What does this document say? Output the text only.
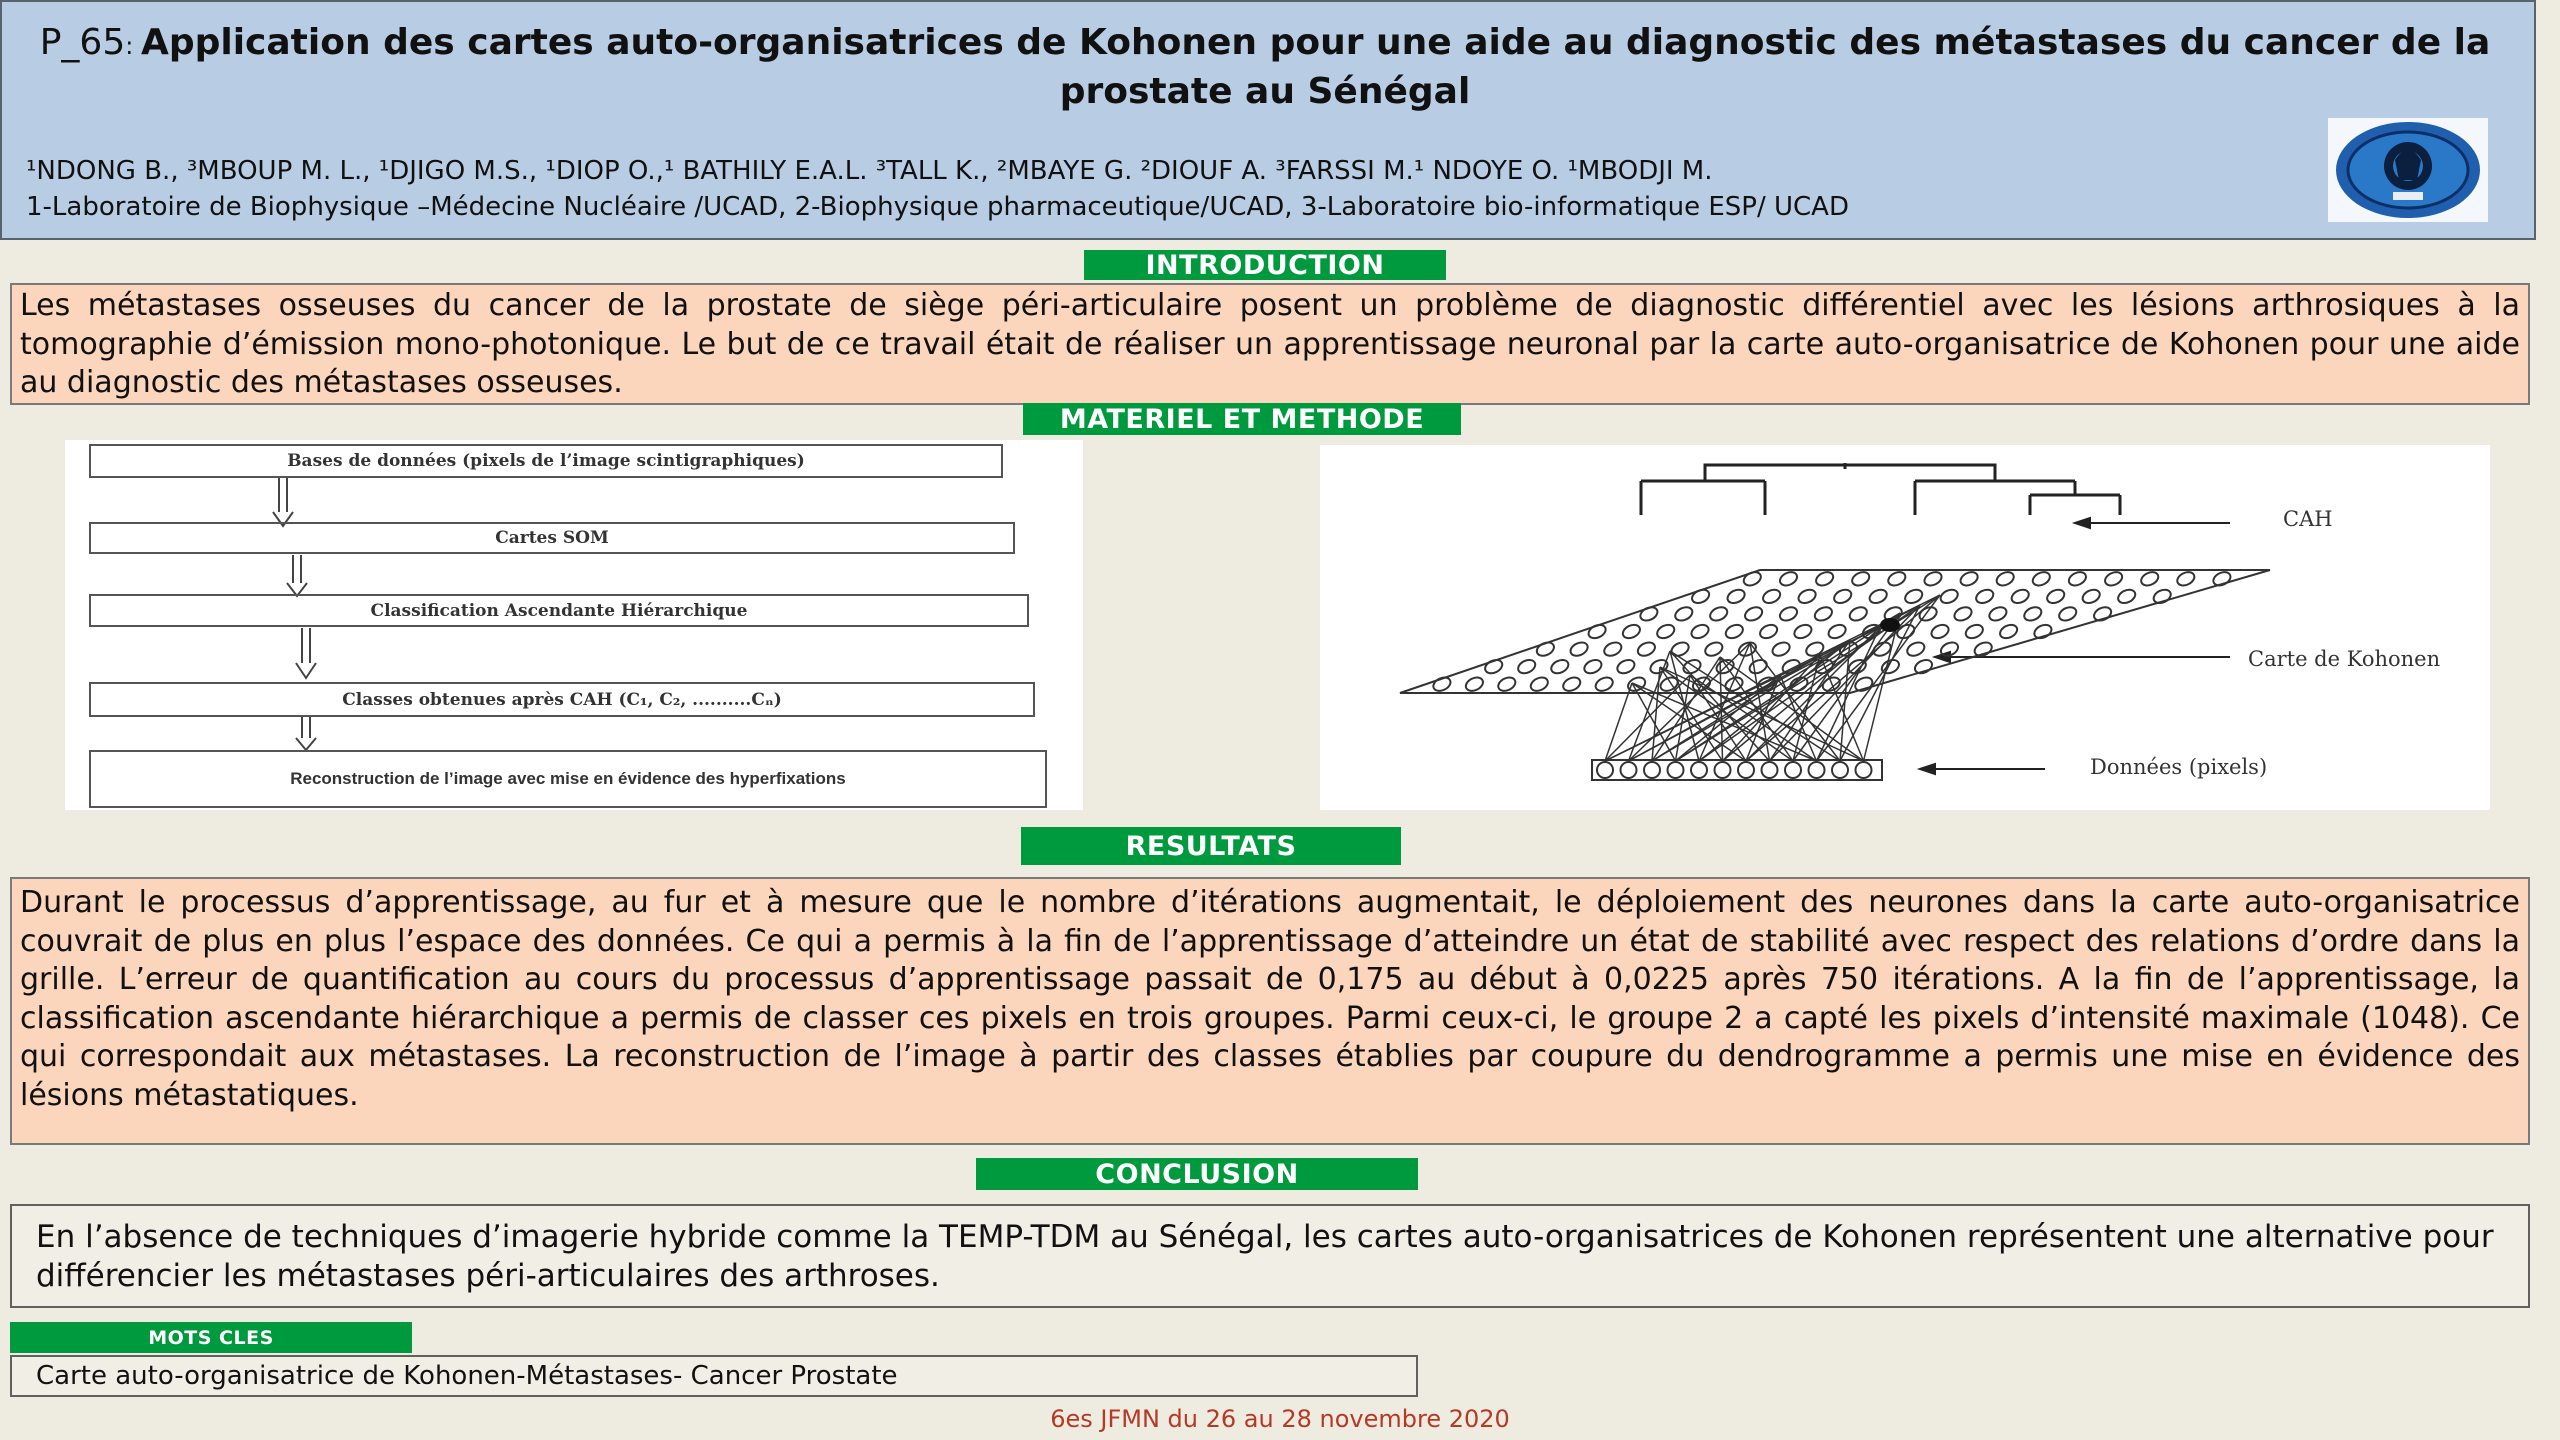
P_65: Application des cartes auto-organisatrices de Kohonen pour une aide au diagnostic des métastases du cancer de la prostate au Sénégal
¹NDONG B., ³MBOUP M. L., ¹DJIGO M.S., ¹DIOP O.,¹ BATHILY E.A.L. ³TALL K., ²MBAYE G. ²DIOUF A. ³FARSSI M.¹ NDOYE O. ¹MBODJI M.
1-Laboratoire de Biophysique –Médecine Nucléaire /UCAD, 2-Biophysique pharmaceutique/UCAD, 3-Laboratoire bio-informatique ESP/ UCAD
INTRODUCTION
Les métastases osseuses du cancer de la prostate de siège péri-articulaire posent un problème de diagnostic différentiel avec les lésions arthrosiques à la tomographie d’émission mono-photonique. Le but de ce travail était de réaliser un apprentissage neuronal par la carte auto-organisatrice de Kohonen pour une aide au diagnostic des métastases osseuses.
MATERIEL ET METHODE
Bases de données (pixels de l’image scintigraphiques)
Cartes SOM
Classification Ascendante Hiérarchique
Classes obtenues après CAH (C₁, C₂, ..........Cₙ)
Reconstruction de l’image avec mise en évidence des hyperfixations
CAH
Carte de Kohonen
Données (pixels)
RESULTATS
Durant le processus d’apprentissage, au fur et à mesure que le nombre d’itérations augmentait, le déploiement des neurones dans la carte auto-organisatrice couvrait de plus en plus l’espace des données. Ce qui a permis à la fin de l’apprentissage d’atteindre un état de stabilité avec respect des relations d’ordre dans la grille. L’erreur de quantification au cours du processus d’apprentissage passait de 0,175 au début à 0,0225 après 750 itérations. A la fin de l’apprentissage, la classification ascendante hiérarchique a permis de classer ces pixels en trois groupes. Parmi ceux-ci, le groupe 2 a capté les pixels d’intensité maximale (1048). Ce qui correspondait aux métastases. La reconstruction de l’image à partir des classes établies par coupure du dendrogramme a permis une mise en évidence des lésions métastatiques.
CONCLUSION
En l’absence de techniques d’imagerie hybride comme la TEMP-TDM au Sénégal, les cartes auto-organisatrices de Kohonen représentent une alternative pour différencier les métastases péri-articulaires des arthroses.
MOTS CLES
Carte auto-organisatrice de Kohonen-Métastases- Cancer Prostate
6es JFMN du 26 au 28 novembre 2020
